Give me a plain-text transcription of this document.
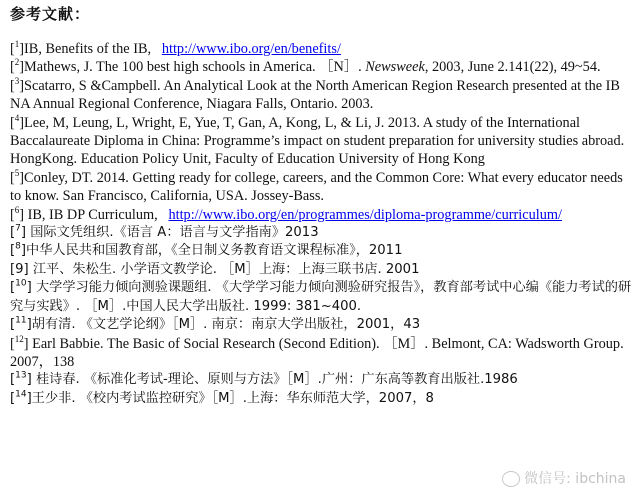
参考文献：

[$^1$]IB, Benefits of the IB, http://www.ibo.org/en/benefits/

[$^2$]Mathews, J. The 100 best high schools in America. ［N］. Newsweek, 2003, June 2.141(22), 49~54.

[$^3$]Scatarro, S &Campbell. An Analytical Look at the North American Region Research presented at the IB NA Annual Regional Conference, Niagara Falls, Ontario. 2003.

[$^4$]Lee, M, Leung, L, Wright, E, Yue, T, Gan, A, Kong, L, & Li, J. 2013. A study of the International Baccalaureate Diploma in China: Programme’s impact on student preparation for university studies abroad. HongKong. Education Policy Unit, Faculty of Education University of Hong Kong

[$^5$]Conley, DT. 2014. Getting ready for college, careers, and the Common Core: What every educator needs to know. San Francisco, California, USA. Jossey-Bass.

[$^6$] IB, IB DP Curriculum, http://www.ibo.org/en/programmes/diploma-programme/curriculum/

[$^7$] 国际文凭组织.《语言 A：语言与文学指南》2013

[$^8$]中华人民共和国教育部，《全日制义务教育语文课程标准》，2011

[9] 江平、朱松生. 小学语文教学论. ［M］上海：上海三联书店. 2001

[$^{10}$] 大学学习能力倾向测验课题组. 《大学学习能力倾向测验研究报告》，教育部考试中心编《能力考试的研究与实践》. ［M］.中国人民大学出版社. 1999: 381~400.

[$^{11}$]胡有清. 《文艺学论纲》［M］. 南京：南京大学出版社，2001，43

[$^{12}$] Earl Babbie. The Basic of Social Research (Second Edition). ［M］. Belmont, CA: Wadsworth Group. 2007，138

[$^{13}$] 桂诗春. 《标准化考试-理论、原则与方法》［M］.广州：广东高等教育出版社.1986

[$^{14}$]王少非. 《校内考试监控研究》［M］.上海：华东师范大学，2007，8

微信号: ibchina
